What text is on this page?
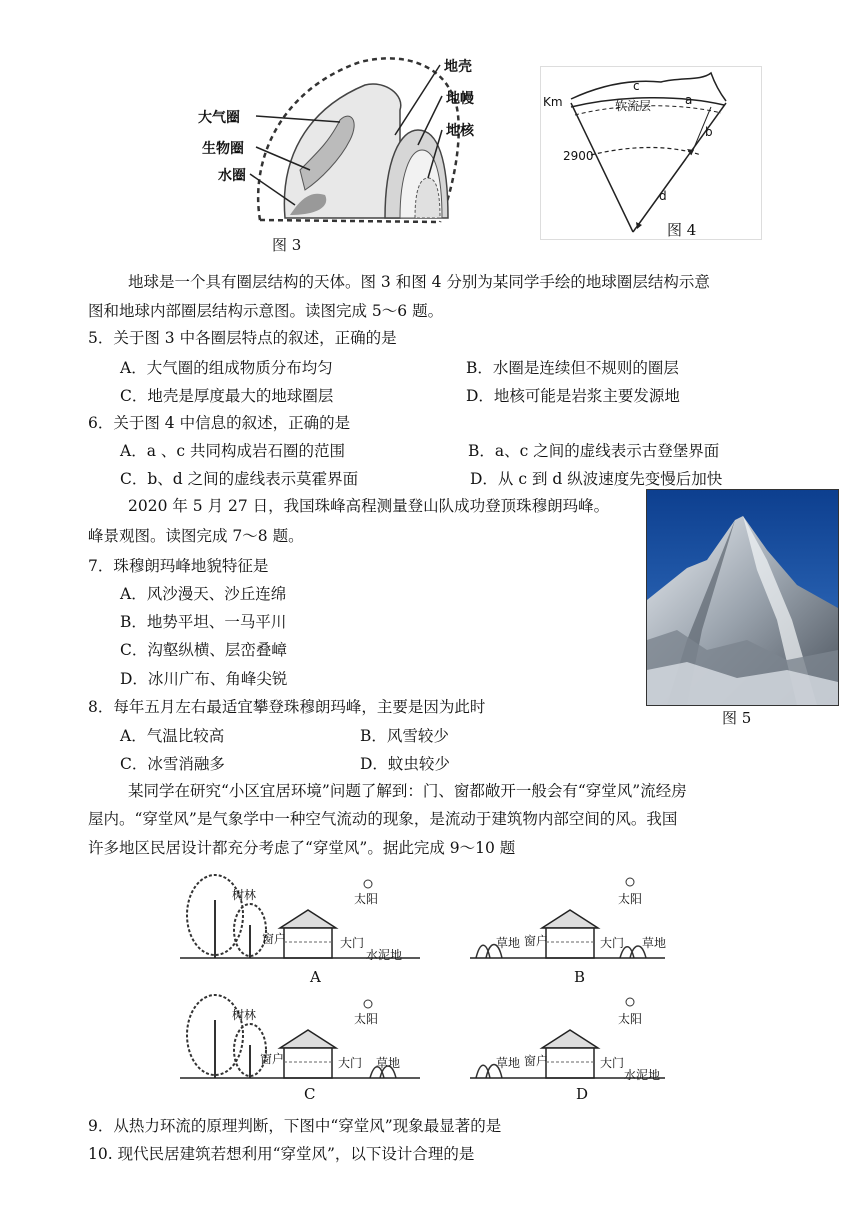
大气圈
生物圈
水圈
地壳
地幔
地核
图 3
Km
2900
软流层
c
a
b
d
图 4
地球是一个具有圈层结构的天体。图 3 和图 4 分别为某同学手绘的地球圈层结构示意
图和地球内部圈层结构示意图。读图完成 5～6 题。
5．关于图 3 中各圈层特点的叙述，正确的是
A．大气圈的组成物质分布均匀	B．水圈是连续但不规则的圈层
C．地壳是厚度最大的地球圈层	D．地核可能是岩浆主要发源地
6．关于图 4 中信息的叙述，正确的是
A．a 、c 共同构成岩石圈的范围	B．a、c 之间的虚线表示古登堡界面
C．b、d 之间的虚线表示莫霍界面	D．从 c 到 d 纵波速度先变慢后加快
图 5
2020 年 5 月 27 日，我国珠峰高程测量登山队成功登顶珠穆朗玛峰。
峰景观图。读图完成 7～8 题。
7．珠穆朗玛峰地貌特征是
A．风沙漫天、沙丘连绵
B．地势平坦、一马平川
C．沟壑纵横、层峦叠嶂
D．冰川广布、角峰尖锐
8．每年五月左右最适宜攀登珠穆朗玛峰，主要是因为此时
A．气温比较高	B．风雪较少
C．冰雪消融多	D．蚊虫较少
某同学在研究“小区宜居环境”问题了解到：门、窗都敞开一般会有“穿堂风”流经房
屋内。“穿堂风”是气象学中一种空气流动的现象，是流动于建筑物内部空间的风。我国
许多地区民居设计都充分考虑了“穿堂风”。据此完成 9～10 题
树林	太阳
窗户	大门
水泥地
A
太阳
草地 窗户	大门 草地
B
树林	太阳
窗户	大门 草地
C
太阳
草地 窗户	大门
水泥地
D
9．从热力环流的原理判断，下图中“穿堂风”现象最显著的是
10. 现代民居建筑若想利用“穿堂风”，以下设计合理的是
